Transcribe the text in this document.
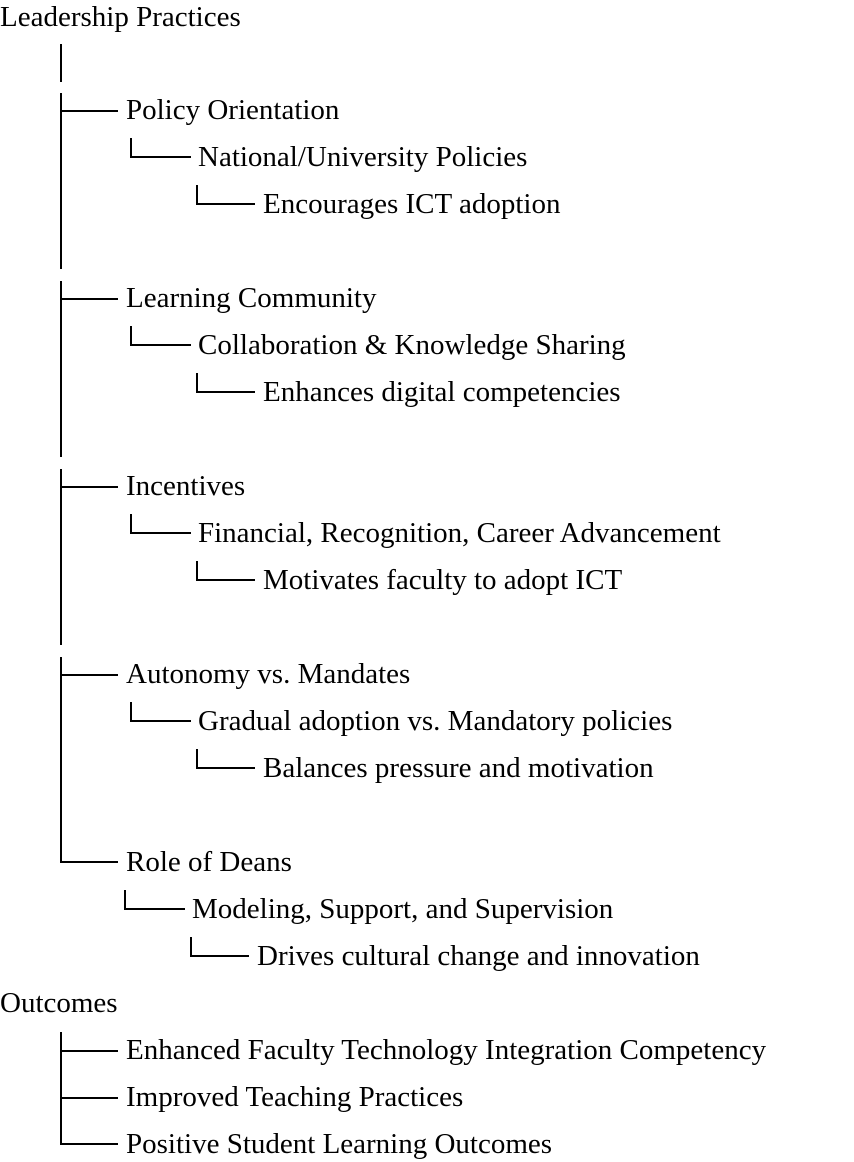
Leadership Practices
Policy Orientation
National/University Policies
Encourages ICT adoption
Learning Community
Collaboration & Knowledge Sharing
Enhances digital competencies
Incentives
Financial, Recognition, Career Advancement
Motivates faculty to adopt ICT
Autonomy vs. Mandates
Gradual adoption vs. Mandatory policies
Balances pressure and motivation
Role of Deans
Modeling, Support, and Supervision
Drives cultural change and innovation
Outcomes
Enhanced Faculty Technology Integration Competency
Improved Teaching Practices
Positive Student Learning Outcomes
